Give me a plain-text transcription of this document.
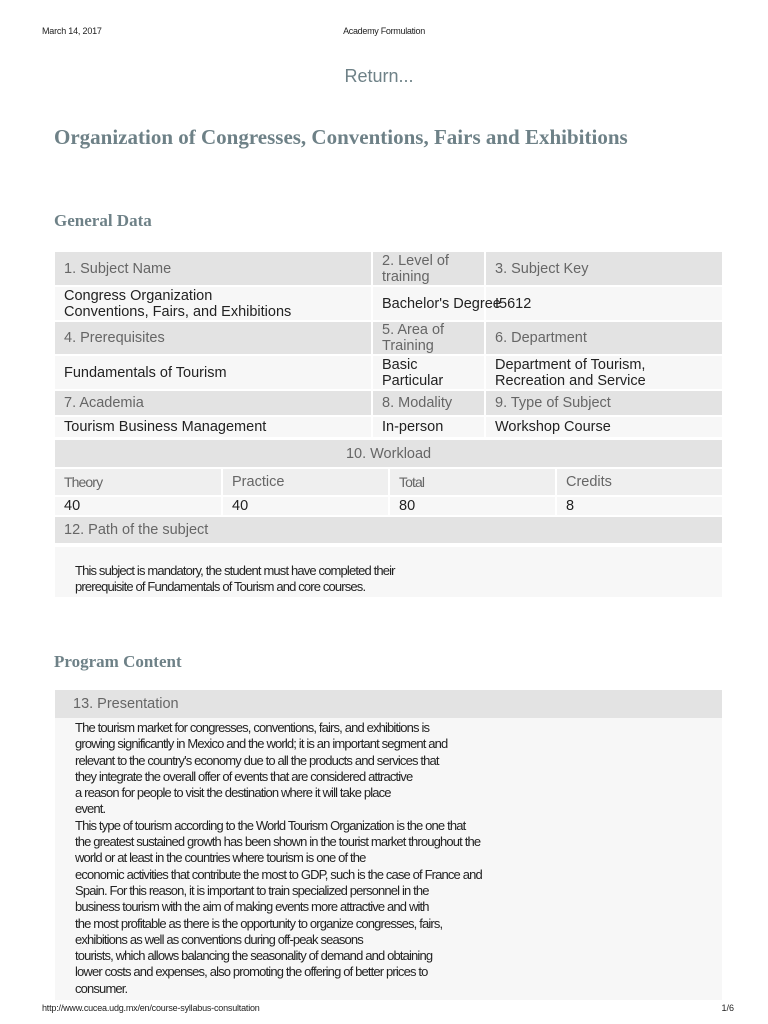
March 14, 2017	Academy Formulation
Return...
Organization of Congresses, Conventions, Fairs and Exhibitions
General Data
1. Subject Name	2. Level of training	3. Subject Key
Congress Organization
Conventions, Fairs, and Exhibitions	Bachelor's Degree	I5612
4. Prerequisites	5. Area of Training	6. Department
Fundamentals of Tourism	Basic Particular	Department of Tourism, Recreation and Service
7. Academia	8. Modality	9. Type of Subject
Tourism Business Management	In-person	Workshop Course
10. Workload			
Theory	Practice	Total	Credits
40	40	80	8
12. Path of the subject			

This subject is mandatory, the student must have completed their
prerequisite of Fundamentals of Tourism and core courses.

Program Content
13. Presentation

The tourism market for congresses, conventions, fairs, and exhibitions is
growing significantly in Mexico and the world; it is an important segment and
relevant to the country's economy due to all the products and services that
they integrate the overall offer of events that are considered attractive
a reason for people to visit the destination where it will take place
event.
This type of tourism according to the World Tourism Organization is the one that
the greatest sustained growth has been shown in the tourist market throughout the
world or at least in the countries where tourism is one of the
economic activities that contribute the most to GDP, such is the case of France and
Spain. For this reason, it is important to train specialized personnel in the
business tourism with the aim of making events more attractive and with
the most profitable as there is the opportunity to organize congresses, fairs,
exhibitions as well as conventions during off-peak seasons
tourists, which allows balancing the seasonality of demand and obtaining
lower costs and expenses, also promoting the offering of better prices to
consumer.

http://www.cucea.udg.mx/en/course-syllabus-consultation	1/6
